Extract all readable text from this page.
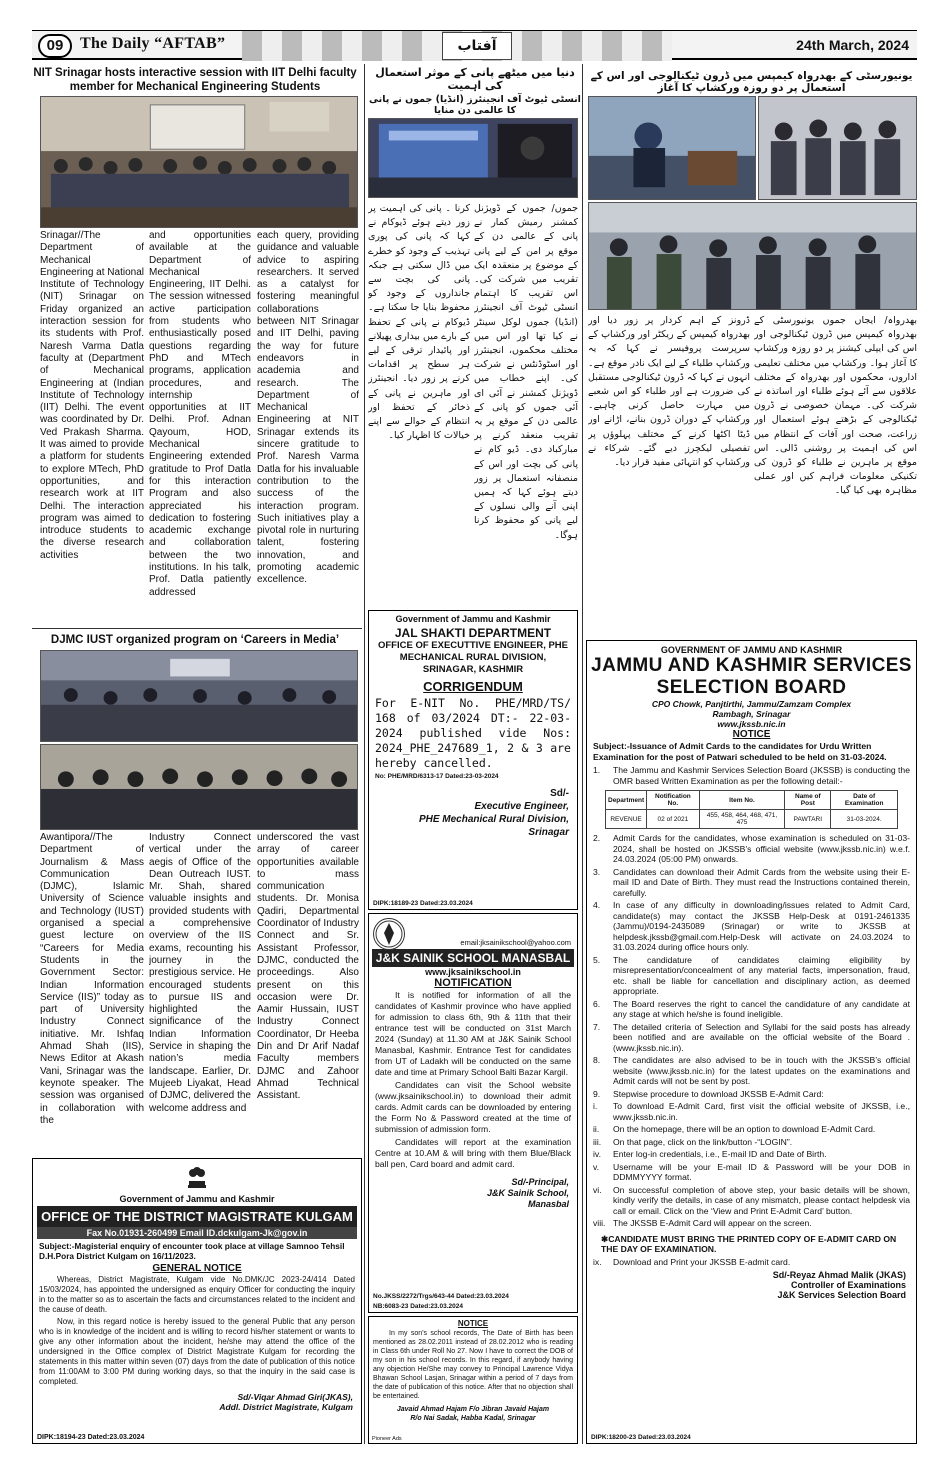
09	The Daily “AFTAB”	آفتاب	24th March, 2024
NIT Srinagar hosts interactive session with IIT Delhi faculty member for Mechanical Engineering Students
Srinagar//The Department of Mechanical Engineering at National Institute of Technology (NIT) Srinagar on Friday organized an interaction session for its students with Prof. Naresh Varma Datla faculty at (Department of Mechanical Engineering at (Indian Institute of Technology (IIT) Delhi. The event was coordinated by Dr. Ved Prakash Sharma. It was aimed to provide a platform for students to explore MTech, PhD opportunities, and research work at IIT Delhi. The interaction program was aimed to introduce students to the diverse research activities
and opportunities available at the Department of Mechanical Engineering, IIT Delhi. The session witnessed active participation from students who enthusiastically posed questions regarding PhD and MTech programs, application procedures, and internship opportunities at IIT Delhi. Prof. Adnan Qayoum, HOD, Mechanical Engineering extended gratitude to Prof Datla for this interaction Program and also appreciated his dedication to fostering academic exchange and collaboration between the two institutions. In his talk, Prof. Datla patiently addressed
each query, providing guidance and valuable advice to aspiring researchers. It served as a catalyst for fostering meaningful collaborations between NIT Srinagar and IIT Delhi, paving the way for future endeavors in academia and research. The Department of Mechanical Engineering at NIT Srinagar extends its sincere gratitude to Prof. Naresh Varma Datla for his invaluable contribution to the success of the interaction program. Such initiatives play a pivotal role in nurturing talent, fostering innovation, and promoting academic excellence.
DJMC IUST organized program on ‘Careers in Media’
Awantipora//The Department of Journalism & Mass Communication (DJMC), Islamic University of Science and Technology (IUST) organised a special guest lecture on “Careers for Media Students in the Government Sector: Indian Information Service (IIS)” today as part of University Industry Connect initiative. Mr. Ishfaq Ahmad Shah (IIS), News Editor at Akash Vani, Srinagar was the keynote speaker. The session was organised in collaboration with the
Industry Connect vertical under the aegis of Office of the Dean Outreach IUST. Mr. Shah, shared valuable insights and provided students with a comprehensive overview of the IIS exams, recounting his journey in the prestigious service. He encouraged students to pursue IIS and highlighted the significance of the Indian Information Service in shaping the nation’s media landscape. Earlier, Dr. Mujeeb Liyakat, Head of DJMC, delivered the welcome address and
underscored the vast array of career opportunities available to mass communication students. Dr. Monisa Qadiri, Departmental Coordinator of Industry Connect and Sr. Assistant Professor, DJMC, conducted the proceedings. Also present on this occasion were Dr. Aamir Hussain, IUST Industry Connect Coordinator, Dr Heeba Din and Dr Arif Nadaf Faculty members DJMC and Zahoor Ahmad Technical Assistant.
Government of Jammu and Kashmir
OFFICE OF THE DISTRICT MAGISTRATE KULGAM
Fax No.01931-260499 Email ID.dckulgam-Jk@gov.in
Subject:-Magisterial enquiry of encounter took place at village Samnoo Tehsil D.H.Pora District Kulgam on 16/11/2023.
GENERAL NOTICE
Whereas, District Magistrate, Kulgam vide No.DMK/JC 2023-24/414 Dated 15/03/2024, has appointed the undersigned as enquiry Officer for conducting the inquiry in to the matter so as to ascertain the facts and circumstances related to the incident and the cause of death.
Now, in this regard notice is hereby issued to the general Public that any person who is in knowledge of the incident and is willing to record his/her statement or wants to give any other information about the incident, he/she may attend the office of the undersigned in the Office complex of District Magistrate Kulgam for recording the statements in this matter within seven (07) days from the date of publication of this notice from 11:00AM to 3:00 PM during working days, so that the inquiry in the said case is completed.
Sd/-Viqar Ahmad Giri(JKAS),
Addl. District Magistrate, Kulgam
DIPK:18194-23 Dated:23.03.2024
دنیا میں میٹھے پانی کے موثر استعمال کی اہمیت
انسٹی ٹیوٹ آف انجینئرز (انڈیا) جموں نے پانی کا عالمی دن منایا
جموں/ جموں کے ڈویژنل کمشنر رمیش کمار نے پانی کے عالمی دن کے موقع پر امن کے لیے پانی کے موضوع پر منعقدہ ایک تقریب میں شرکت کی۔ اس تقریب کا اہتمام انسٹی ٹیوٹ آف انجینئرز (انڈیا) جموں لوکل سینٹر نے کیا تھا اور اس میں مختلف محکموں، انجینئرز اور اسٹوڈنٹس نے شرکت کی۔ اپنے خطاب میں ڈویژنل کمشنر نے آئی ای آئی جموں کو پانی کے عالمی دن کے موقع پر یہ تقریب منعقد کرنے پر مبارکباد دی۔ ڈیو کام نے پانی کی بچت اور اس کے منصفانہ استعمال پر زور دیتے ہوئے کہا کہ ہمیں اپنی آنے والی نسلوں کے لیے پانی کو محفوظ کرنا ہوگا۔
کرنا ۔ پانی کی اہمیت پر زور دیتے ہوئے ڈیوکام نے کہا کہ پانی کی پوری تہذیب کے وجود کو خطرے میں ڈال سکتی ہے جبکہ پانی کی بچت سے جانداروں کے وجود کو محفوظ بنایا جا سکتا ہے۔ ڈیوکام نے پانی کے تحفظ کے بارے میں بیداری پھیلانے اور پائیدار ترقی کے لیے ہر سطح پر اقدامات کرنے پر زور دیا۔ انجینئرز اور ماہرین نے پانی کے ذخائر کے تحفظ اور انتظام کے حوالے سے اپنے خیالات کا اظہار کیا۔
Government of Jammu and Kashmir
JAL SHAKTI DEPARTMENT
OFFICE OF EXECUTTIVE ENGINEER, PHE MECHANICAL RURAL DIVISION, SRINAGAR, KASHMIR
CORRIGENDUM
For E-NIT No. PHE/MRD/TS/ 168 of 03/2024 DT:- 22-03-2024 published vide Nos: 2024_PHE_247689_1, 2 & 3 are hereby cancelled.
No: PHE/MRD/6313-17 Dated:23-03-2024
Sd/-
Executive Engineer,
PHE Mechanical Rural Division,
Srinagar
DIPK:18189-23 Dated:23.03.2024
email:jksainikschool@yahoo.com
J&K SAINIK SCHOOL MANASBAL
www.jksainikschool.in
NOTIFICATION
It is notified for information of all the candidates of Kashmir province who have applied for admission to class 6th, 9th & 11th that their entrance test will be conducted on 31st March 2024 (Sunday) at 11.30 AM at J&K Sainik School Manasbal, Kashmir. Entrance Test for candidates from UT of Ladakh will be conducted on the same date and time at Primary School Balti Bazar Kargil.
Candidates can visit the School website (www.jksainikschool.in) to download their admit cards. Admit cards can be downloaded by entering the Form No & Password created at the time of submission of admission form.
Candidates will report at the examination Centre at 10.AM & will bring with them Blue/Black ball pen, Card board and admit card.
Sd/-Principal,
J&K Sainik School,
Manasbal
No.JKSS/2272/Trgs/643-44 Dated:23.03.2024
NB:6083-23 Dated:23.03.2024
NOTICE
In my son’s school records, The Date of Birth has been mentioned as 28.02.2011 instead of 28.02.2012 who is reading in Class 6th under Roll No 27. Now I have to correct the DOB of my son in his school records. In this regard, if anybody having any objection He/She may convey to Principal Lawrence Vidya Bhawan School Lasjan, Srinagar within a period of 7 days from the date of publication of this notice. After that no objection shall be entertained.
Javaid Ahmad Hajam F/o Jibran Javaid Hajam
R/o Nai Sadak, Habba Kadal, Srinagar
Pioneer Ads
یونیورسٹی کے بھدرواہ کیمپس میں ڈرون ٹیکنالوجی اور اس کے استعمال پر دو روزہ ورکشاپ کا آغاز
بھدرواہ/ ایجاں جموں یونیورسٹی کے بھدرواہ کیمپس میں ڈرون ٹیکنالوجی اور اس کی ایپلی کیشنز پر دو روزہ ورکشاپ کا آغاز ہوا۔ ورکشاپ میں مختلف تعلیمی اداروں، محکموں اور بھدرواہ کے مختلف علاقوں سے آئے ہوئے طلباء اور اساتذہ نے شرکت کی۔ مہمان خصوصی نے ڈرون ٹیکنالوجی کے بڑھتے ہوئے استعمال اور زراعت، صحت اور آفات کے انتظام میں اس کی اہمیت پر روشنی ڈالی۔ اس موقع پر ماہرین نے طلباء کو ڈرون کی تکنیکی معلومات فراہم کیں اور عملی مظاہرہ بھی کیا گیا۔
ڈرونز کے اہم کردار پر زور دیا اور بھدرواہ کیمپس کے ریکٹر اور ورکشاپ کے سرپرست پروفیسر نے کہا کہ یہ ورکشاپ طلباء کے لیے ایک نادر موقع ہے۔ انہوں نے کہا کہ ڈرون ٹیکنالوجی مستقبل کی ضرورت ہے اور طلباء کو اس شعبے میں مہارت حاصل کرنی چاہیے۔ ورکشاپ کے دوران ڈرون بنانے، اڑانے اور ڈیٹا اکٹھا کرنے کے مختلف پہلوؤں پر تفصیلی لیکچرز دیے گئے۔ شرکاء نے ورکشاپ کو انتہائی مفید قرار دیا۔
GOVERNMENT OF JAMMU AND KASHMIR
JAMMU AND KASHMIR SERVICES
SELECTION BOARD
CPO Chowk, Panjtirthi, Jammu/Zamzam Complex
Rambagh, Srinagar
www.jkssb.nic.in
NOTICE
Subject:-Issuance of Admit Cards to the candidates for Urdu Written Examination for the post of Patwari scheduled to be held on 31-03-2024.
1.	The Jammu and Kashmir Services Selection Board (JKSSB) is conducting the OMR based Written Examination as per the following detail:-
Department	Notification No.	Item No.	Name of Post	Date of Examination
REVENUE	02 of 2021	455, 458, 464, 468, 471, 475	PAWTARI	31-03-2024.
2.	Admit Cards for the candidates, whose examination is scheduled on 31-03-2024, shall be hosted on JKSSB’s official website (www.jkssb.nic.in) w.e.f. 24.03.2024 (05:00 PM) onwards.
3.	Candidates can download their Admit Cards from the website using their E-mail ID and Date of Birth. They must read the Instructions contained therein, carefully.
4.	In case of any difficulty in downloading/issues related to Admit Card, candidate(s) may contact the JKSSB Help-Desk at 0191-2461335 (Jammu)/0194-2435089 (Srinagar) or write to JKSSB at helpdesk.jkssb@gmail.com.Help-Desk will activate on 24.03.2024 to 31.03.2024 during office hours only.
5.	The candidature of candidates claiming eligibility by misrepresentation/concealment of any material facts, impersonation, fraud, etc. shall be liable for cancellation and disciplinary action, as deemed appropriate.
6.	The Board reserves the right to cancel the candidature of any candidate at any stage at which he/she is found ineligible.
7.	The detailed criteria of Selection and Syllabi for the said posts has already been notified and are available on the official website of the Board . (www.jkssb.nic.in).
8.	The candidates are also advised to be in touch with the JKSSB’s official website (www.jkssb.nic.in) for the latest updates on the examinations and Admit cards will not be sent by post.
9.	Stepwise procedure to download JKSSB E-Admit Card:
i.	To download E-Admit Card, first visit the official website of JKSSB, i.e., www.jkssb.nic.in.
ii.	On the homepage, there will be an option to download E-Admit Card.
iii.	On that page, click on the link/button -“LOGIN”.
iv.	Enter log-in credentials, i.e., E-mail ID and Date of Birth.
v.	Username will be your E-mail ID & Password will be your DOB in DDMMYYYY format.
vi.	On successful completion of above step, your basic details will be shown, kindly verify the details, in case of any mismatch, please contact helpdesk via call or email. Click on the ‘View and Print E-Admit Card’ button.
viii. The JKSSB E-Admit Card will appear on the screen.
✱CANDIDATE MUST BRING THE PRINTED COPY OF E-ADMIT CARD ON THE DAY OF EXAMINATION.
ix.	Download and Print your JKSSB E-admit card.
Sd/-Reyaz Ahmad Malik (JKAS)
Controller of Examinations
J&K Services Selection Board
DIPK:18200-23 Dated:23.03.2024
